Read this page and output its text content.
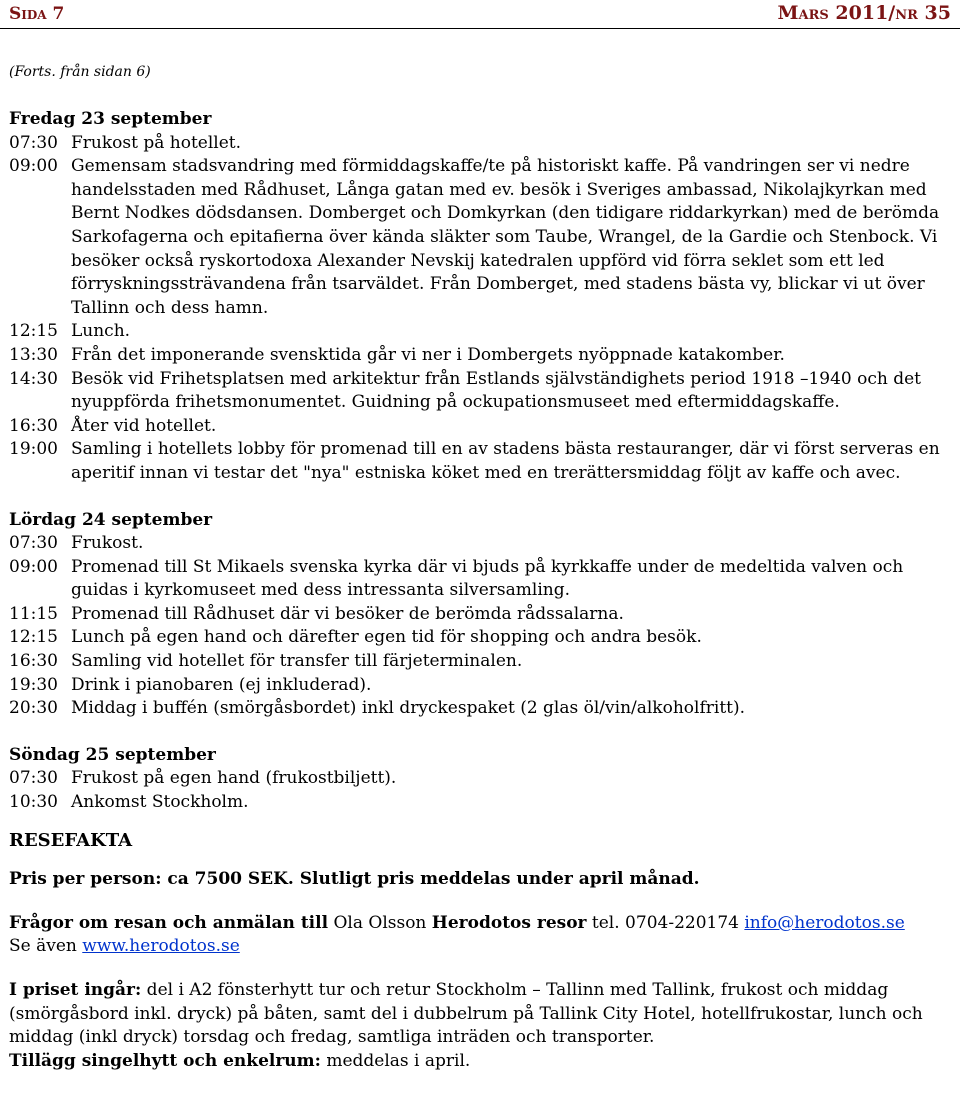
Sida 7	Mars 2011/nr 35
(Forts. från sidan 6)
Fredag 23 september
07:30 Frukost på hotellet.
09:00 Gemensam stadsvandring med förmiddagskaffe/te på historiskt kaffe. På vandringen ser vi nedre handelsstaden med Rådhuset, Långa gatan med ev. besök i Sveriges ambassad, Nikolajkyrkan med Bernt Nodkes dödsdansen. Domberget och Domkyrkan (den tidigare riddarkyrkan) med de berömda Sarkofagerna och epitafierna över kända släkter som Taube, Wrangel, de la Gardie och Stenbock. Vi besöker också ryskortodoxa Alexander Nevskij katedralen uppförd vid förra seklet som ett led förryskningssträvandena från tsarväldet. Från Domberget, med stadens bästa vy, blickar vi ut över Tallinn och dess hamn.
12:15 Lunch.
13:30 Från det imponerande svensktida går vi ner i Dombergets nyöppnade katakomber.
14:30 Besök vid Frihetsplatsen med arkitektur från Estlands självständighets period 1918 –1940 och det nyuppförda frihetsmonumentet. Guidning på ockupationsmuseet med eftermiddagskaffe.
16:30 Åter vid hotellet.
19:00 Samling i hotellets lobby för promenad till en av stadens bästa restauranger, där vi först serveras en aperitif innan vi testar det "nya" estniska köket med en trerättersmiddag följt av kaffe och avec.
Lördag 24 september
07:30 Frukost.
09:00 Promenad till St Mikaels svenska kyrka där vi bjuds på kyrkkaffe under de medeltida valven och guidas i kyrkomuseet med dess intressanta silversamling.
11:15 Promenad till Rådhuset där vi besöker de berömda rådssalarna.
12:15 Lunch på egen hand och därefter egen tid för shopping och andra besök.
16:30 Samling vid hotellet för transfer till färjeterminalen.
19:30 Drink i pianobaren (ej inkluderad).
20:30 Middag i buffén (smörgåsbordet) inkl dryckespaket (2 glas öl/vin/alkoholfritt).
Söndag 25 september
07:30 Frukost på egen hand (frukostbiljett).
10:30 Ankomst Stockholm.
RESEFAKTA
Pris per person: ca 7500 SEK. Slutligt pris meddelas under april månad.
Frågor om resan och anmälan till Ola Olsson Herodotos resor tel. 0704-220174 info@herodotos.se
Se även www.herodotos.se
I priset ingår: del i A2 fönsterhytt tur och retur Stockholm – Tallinn med Tallink, frukost och middag (smörgåsbord inkl. dryck) på båten, samt del i dubbelrum på Tallink City Hotel, hotellfrukostar, lunch och middag (inkl dryck) torsdag och fredag, samtliga inträden och transporter.
Tillägg singelhytt och enkelrum: meddelas i april.
